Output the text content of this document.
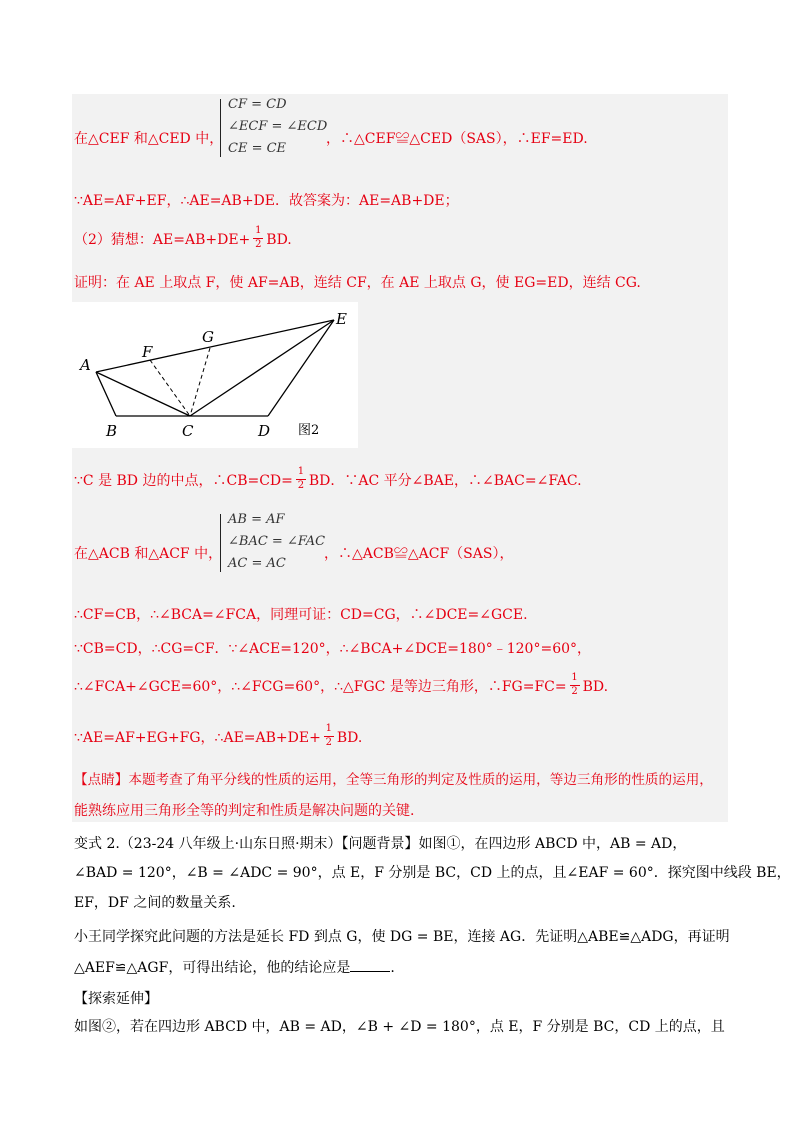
CF = CD
∠ECF = ∠ECD
CE = CE
在△CEF 和△CED 中，	，∴△CEF≌△CED（SAS），∴EF=ED.
∵AE=AF+EF，∴AE=AB+DE．故答案为：AE=AB+DE；
（2）猜想：$AE=AB+DE+ \frac{1}{2}$ BD.
证明：在 AE 上取点 F，使 AF=AB，连结 CF，在 AE 上取点 G，使 EG=ED，连结 CG.
A
B	C	D
E
F
G
图2
∵C 是 BD 边的中点，∴CB=CD= $\frac{1}{2}$ BD．∵AC 平分∠BAE，∴∠BAC=∠FAC.
AB = AF
∠BAC = ∠FAC
AC = AC
在△ACB 和△ACF 中，	，∴△ACB≌△ACF（SAS），
∴CF=CB，∴∠BCA=∠FCA，同理可证：CD=CG，∴∠DCE=∠GCE.
∵CB=CD，∴CG=CF．∵∠ACE=120°，∴∠BCA+∠DCE=180°﹣120°=60°，
∴∠FCA+∠GCE=60°，∴∠FCG=60°，∴△FGC 是等边三角形，∴FG=FC= $\frac{1}{2}$ BD.
∵AE=AF+EG+FG，∴AE=AB+DE+ $\frac{1}{2}$ BD.
【点睛】本题考查了角平分线的性质的运用，全等三角形的判定及性质的运用，等边三角形的性质的运用，
能熟练应用三角形全等的判定和性质是解决问题的关键.
变式 2.（23-24 八年级上·山东日照·期末）【问题背景】如图①，在四边形 ABCD 中，AB = AD，
∠BAD = 120°，∠B = ∠ADC = 90°，点 E，F 分别是 BC，CD 上的点，且∠EAF = 60°．探究图中线段 BE，
EF，DF 之间的数量关系.
小王同学探究此问题的方法是延长 FD 到点 G，使 DG = BE，连接 AG．先证明△ABE≌△ADG，再证明
△AEF≌△AGF，可得出结论，他的结论应是	.
【探索延伸】
如图②，若在四边形 ABCD 中，AB = AD，∠B + ∠D = 180°，点 E，F 分别是 BC，CD 上的点，且
